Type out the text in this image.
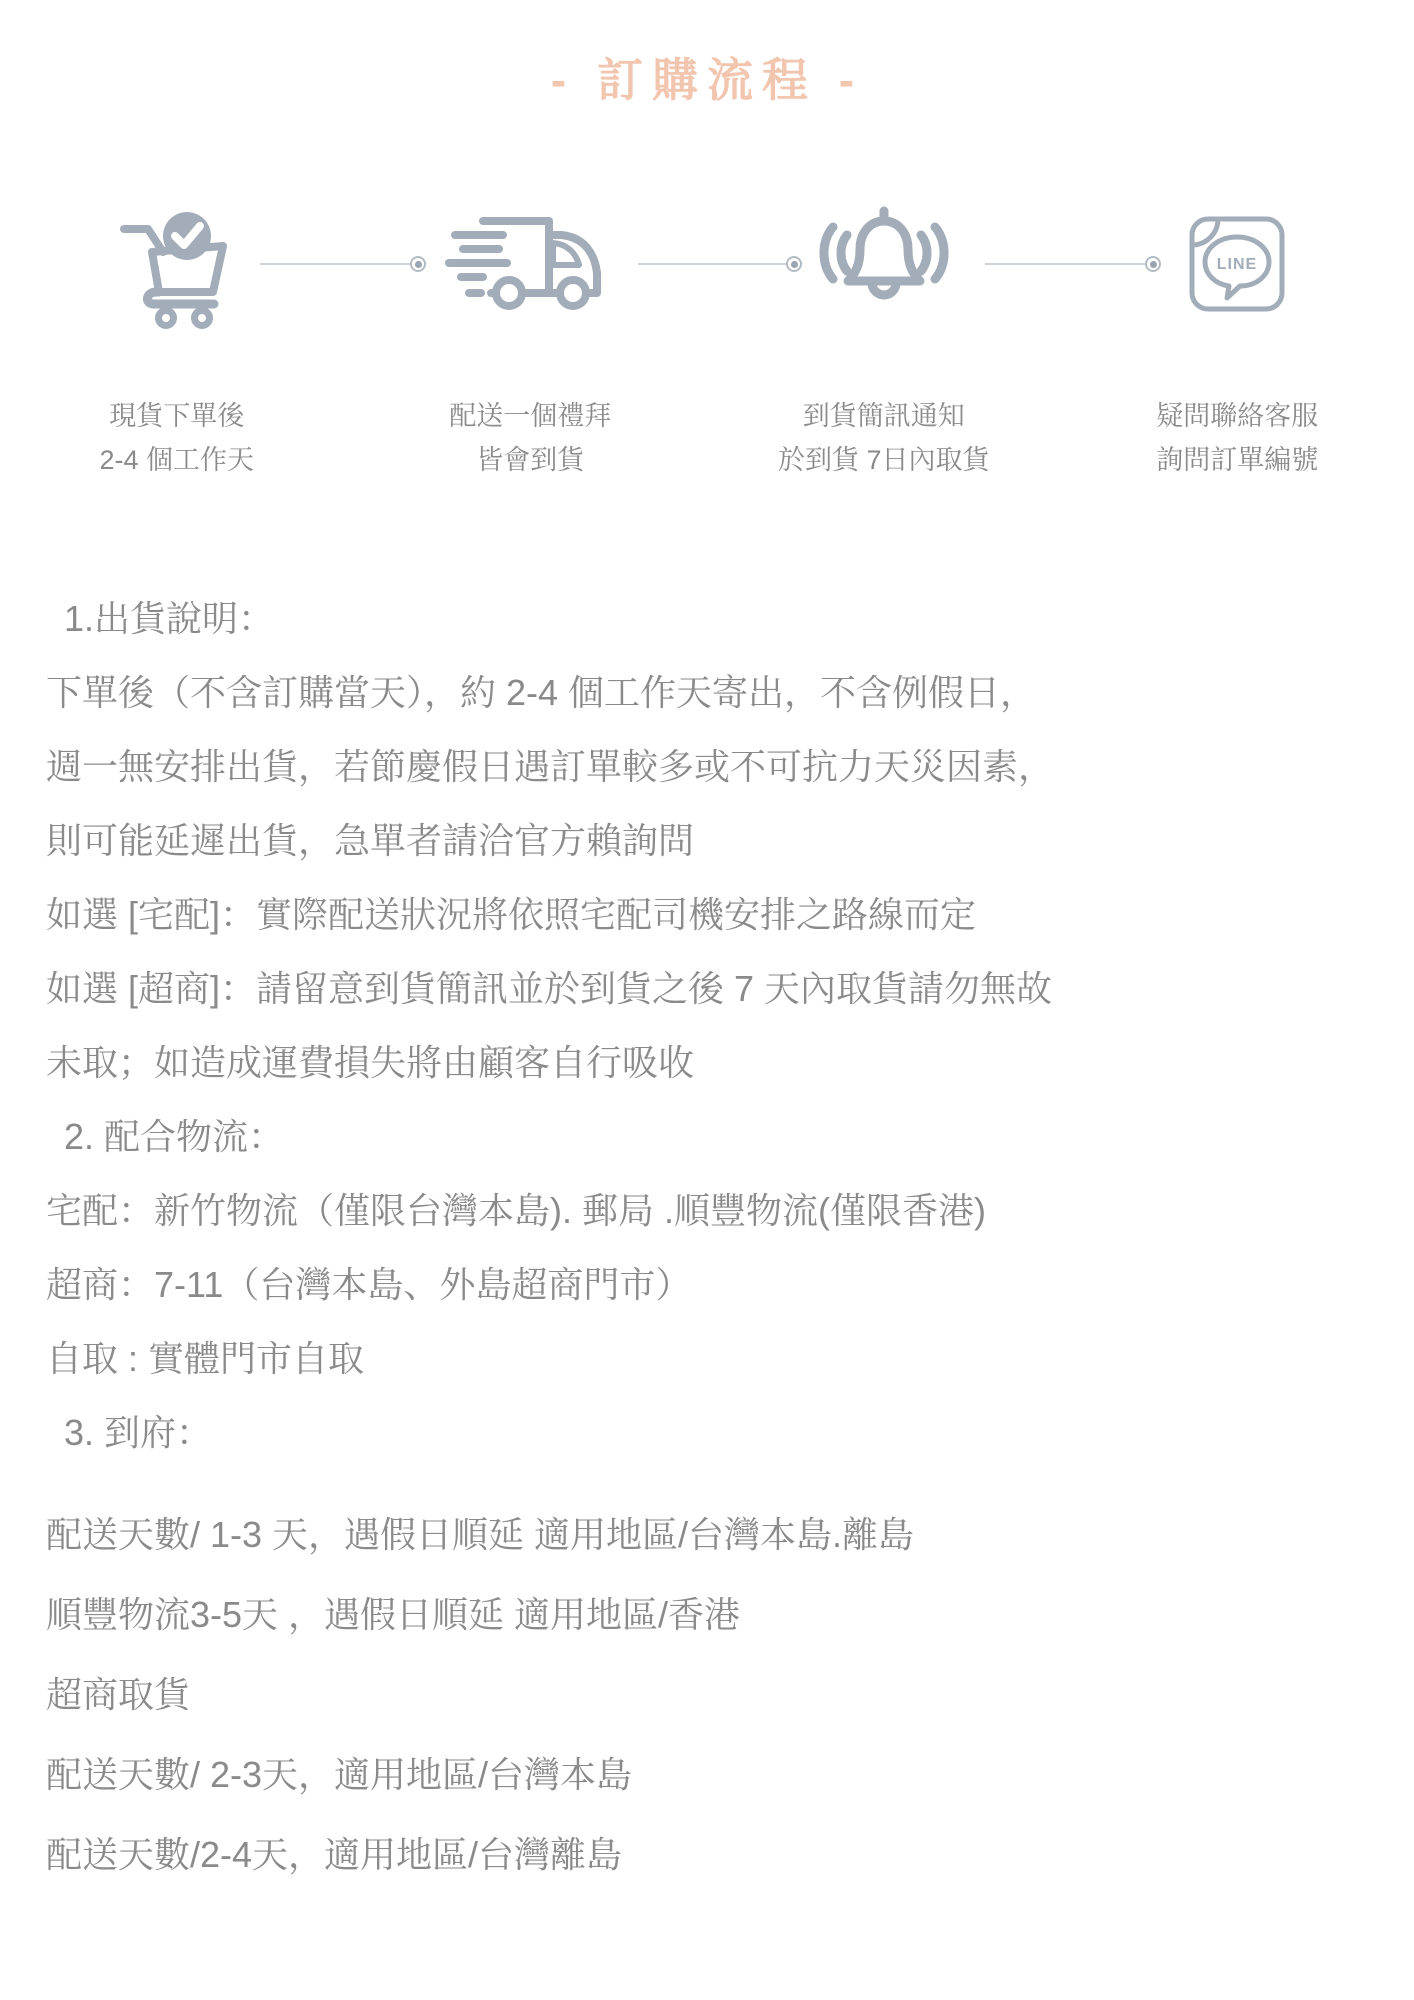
- 訂購流程 -
現貨下單後
2-4 個工作天
配送一個禮拜
皆會到貨
到貨簡訊通知
於到貨 7日內取貨
LINE
疑問聯絡客服
詢問訂單編號
1.出貨說明：
下單後（不含訂購當天），約 2-4 個工作天寄出，不含例假日，
週一無安排出貨，若節慶假日遇訂單較多或不可抗力天災因素，
則可能延遲出貨，急單者請洽官方賴詢問
如選 [宅配]：實際配送狀況將依照宅配司機安排之路線而定
如選 [超商]：請留意到貨簡訊並於到貨之後 7 天內取貨請勿無故
未取；如造成運費損失將由顧客自行吸收
2. 配合物流：
宅配：新竹物流（僅限台灣本島). 郵局 .順豐物流(僅限香港)
超商：7-11（台灣本島、外島超商門市）
自取 : 實體門市自取
3. 到府：
配送天數/ 1-3 天，遇假日順延 適用地區/台灣本島.離島
順豐物流3-5天 ，遇假日順延 適用地區/香港
超商取貨
配送天數/ 2-3天，適用地區/台灣本島
配送天數/2-4天，適用地區/台灣離島
